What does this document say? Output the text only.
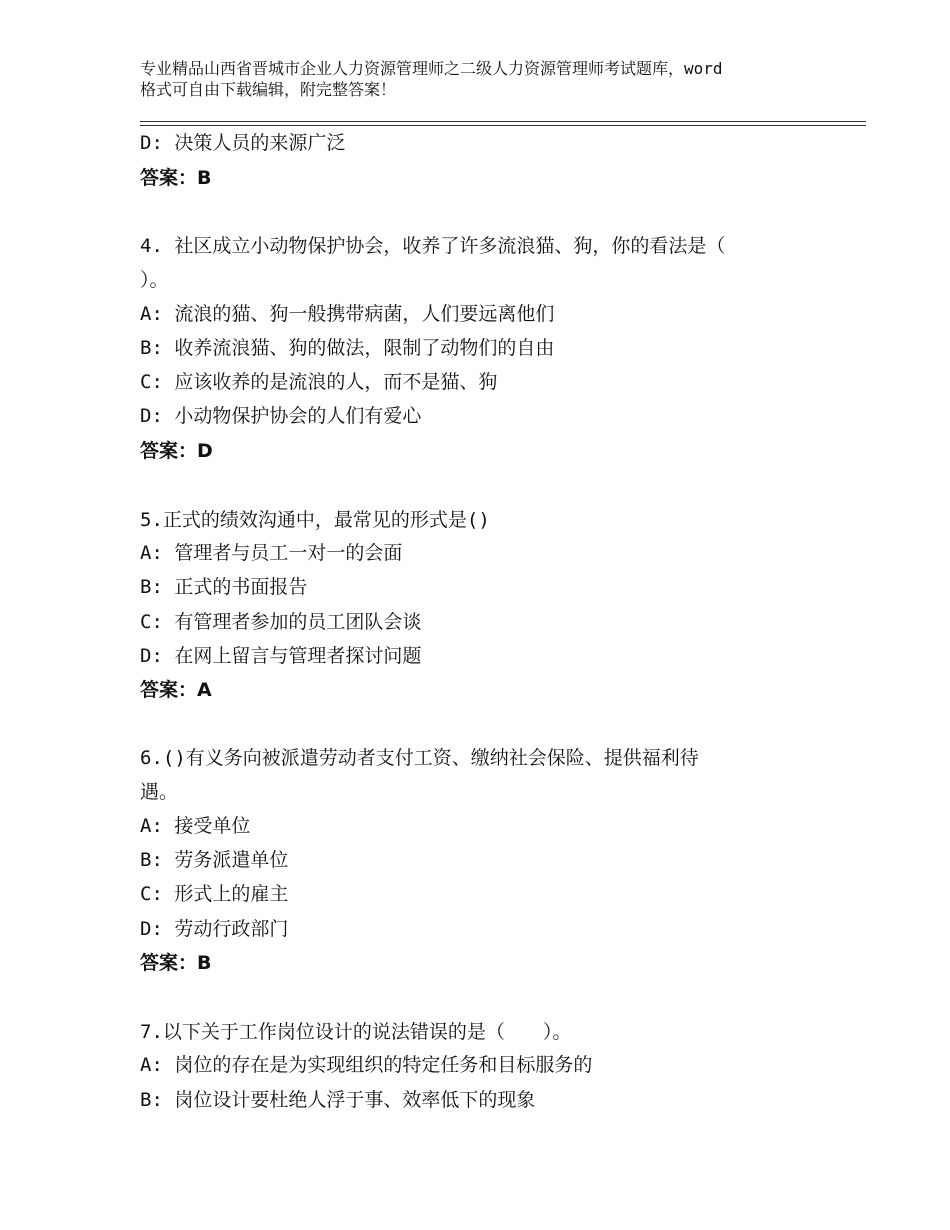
专业精品山西省晋城市企业人力资源管理师之二级人力资源管理师考试题库，word
格式可自由下载编辑，附完整答案！
D: 决策人员的来源广泛
答案：B
4. 社区成立小动物保护协会，收养了许多流浪猫、狗，你的看法是（
）。
A: 流浪的猫、狗一般携带病菌，人们要远离他们
B: 收养流浪猫、狗的做法，限制了动物们的自由
C: 应该收养的是流浪的人，而不是猫、狗
D: 小动物保护协会的人们有爱心
答案：D
5.正式的绩效沟通中，最常见的形式是()
A: 管理者与员工一对一的会面
B: 正式的书面报告
C: 有管理者参加的员工团队会谈
D: 在网上留言与管理者探讨问题
答案：A
6.()有义务向被派遣劳动者支付工资、缴纳社会保险、提供福利待
遇。
A: 接受单位
B: 劳务派遣单位
C: 形式上的雇主
D: 劳动行政部门
答案：B
7.以下关于工作岗位设计的说法错误的是（　　）。
A: 岗位的存在是为实现组织的特定任务和目标服务的
B: 岗位设计要杜绝人浮于事、效率低下的现象
